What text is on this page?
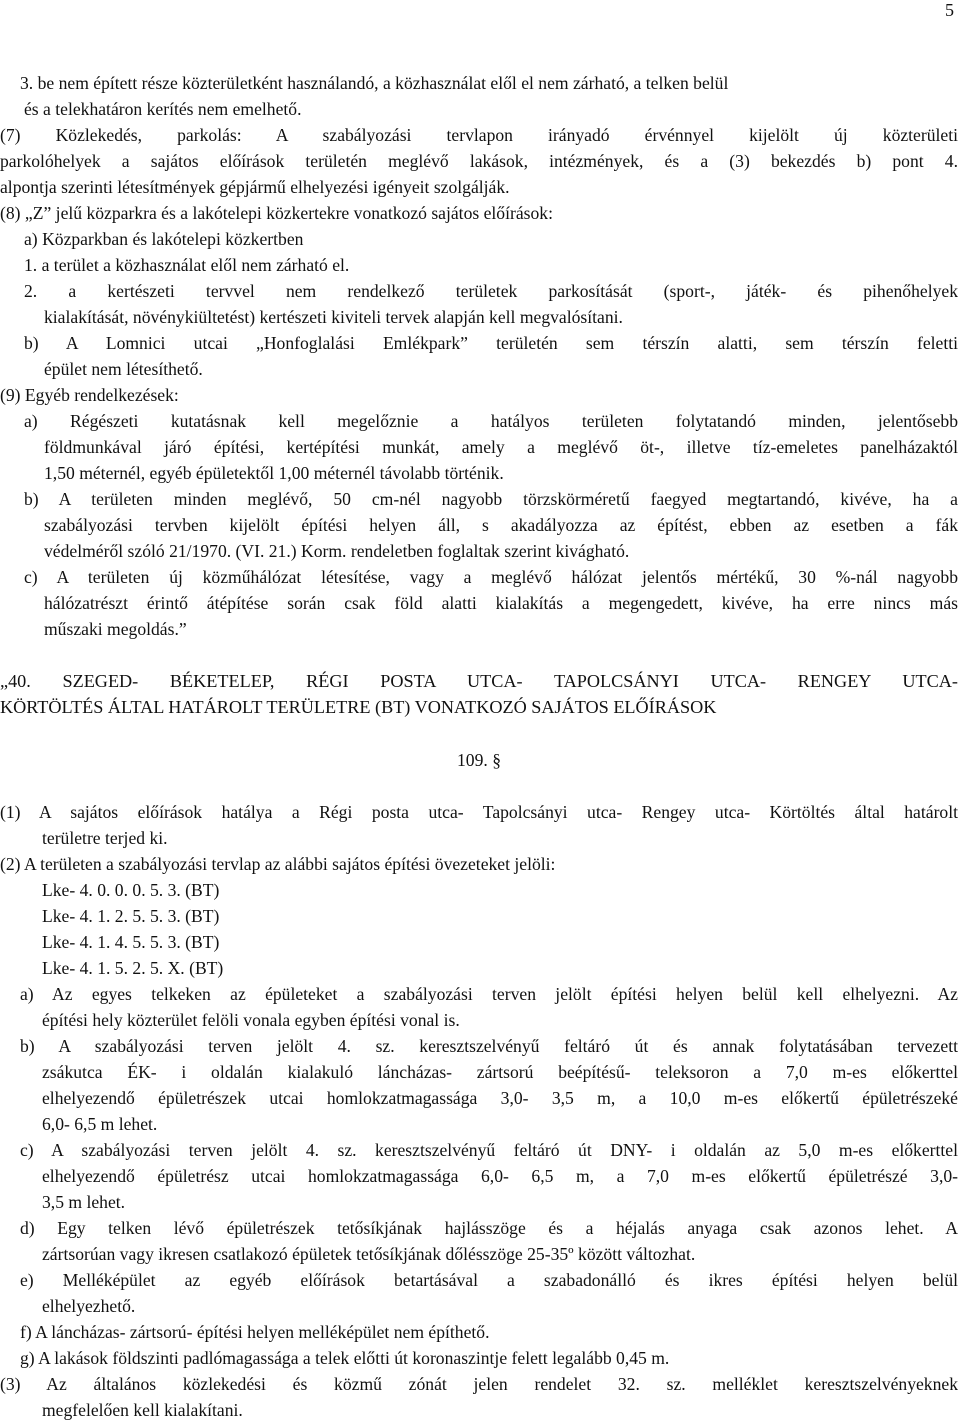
5
3. be nem épített része közterületként használandó, a közhasználat elől el nem zárható, a telken belül
és a telekhatáron kerítés nem emelhető.
(7) Közlekedés, parkolás: A szabályozási tervlapon irányadó érvénnyel kijelölt új közterületi
parkolóhelyek a sajátos előírások területén meglévő lakások, intézmények, és a (3) bekezdés b) pont 4.
alpontja szerinti létesítmények gépjármű elhelyezési igényeit szolgálják.
(8) „Z” jelű közparkra és a lakótelepi közkertekre vonatkozó sajátos előírások:
a) Közparkban és lakótelepi közkertben
1. a terület a közhasználat elől nem zárható el.
2. a kertészeti tervvel nem rendelkező területek parkosítását (sport-, játék- és pihenőhelyek
kialakítását, növénykiültetést) kertészeti kiviteli tervek alapján kell megvalósítani.
b) A Lomnici utcai „Honfoglalási Emlékpark” területén sem térszín alatti, sem térszín feletti
épület nem létesíthető.
(9) Egyéb rendelkezések:
a) Régészeti kutatásnak kell megelőznie a hatályos területen folytatandó minden, jelentősebb
földmunkával járó építési, kertépítési munkát, amely a meglévő öt-, illetve tíz-emeletes panelházaktól
1,50 méternél, egyéb épületektől 1,00 méternél távolabb történik.
b) A területen minden meglévő, 50 cm-nél nagyobb törzskörméretű faegyed megtartandó, kivéve, ha a
szabályozási tervben kijelölt építési helyen áll, s akadályozza az építést, ebben az esetben a fák
védelméről szóló 21/1970. (VI. 21.) Korm. rendeletben foglaltak szerint kivágható.
c) A területen új közműhálózat létesítése, vagy a meglévő hálózat jelentős mértékű, 30 %-nál nagyobb
hálózatrészt érintő átépítése során csak föld alatti kialakítás a megengedett, kivéve, ha erre nincs más
műszaki megoldás.”
„40. SZEGED- BÉKETELEP, RÉGI POSTA UTCA- TAPOLCSÁNYI UTCA- RENGEY UTCA-
KÖRTÖLTÉS ÁLTAL HATÁROLT TERÜLETRE (BT) VONATKOZÓ SAJÁTOS ELŐÍRÁSOK
109. §
(1) A sajátos előírások hatálya a Régi posta utca- Tapolcsányi utca- Rengey utca- Körtöltés által határolt
területre terjed ki.
(2) A területen a szabályozási tervlap az alábbi sajátos építési övezeteket jelöli:
Lke- 4. 0. 0. 0. 5. 3. (BT)
Lke- 4. 1. 2. 5. 5. 3. (BT)
Lke- 4. 1. 4. 5. 5. 3. (BT)
Lke- 4. 1. 5. 2. 5. X. (BT)
a) Az egyes telkeken az épületeket a szabályozási terven jelölt építési helyen belül kell elhelyezni. Az
építési hely közterület felöli vonala egyben építési vonal is.
b) A szabályozási terven jelölt 4. sz. keresztszelvényű feltáró út és annak folytatásában tervezett
zsákutca ÉK- i oldalán kialakuló láncházas- zártsorú beépítésű- teleksoron a 7,0 m-es előkerttel
elhelyezendő épületrészek utcai homlokzatmagassága 3,0- 3,5 m, a 10,0 m-es előkertű épületrészeké
6,0- 6,5 m lehet.
c) A szabályozási terven jelölt 4. sz. keresztszelvényű feltáró út DNY- i oldalán az 5,0 m-es előkerttel
elhelyezendő épületrész utcai homlokzatmagassága 6,0- 6,5 m, a 7,0 m-es előkertű épületrészé 3,0-
3,5 m lehet.
d) Egy telken lévő épületrészek tetősíkjának hajlásszöge és a héjalás anyaga csak azonos lehet. A
zártsorúan vagy ikresen csatlakozó épületek tetősíkjának dőlésszöge 25-35º között változhat.
e) Melléképület az egyéb előírások betartásával a szabadonálló és ikres építési helyen belül
elhelyezhető.
f) A láncházas- zártsorú- építési helyen melléképület nem építhető.
g) A lakások földszinti padlómagassága a telek előtti út koronaszintje felett legalább 0,45 m.
(3) Az általános közlekedési és közmű zónát jelen rendelet 32. sz. melléklet keresztszelvényeknek
megfelelően kell kialakítani.
